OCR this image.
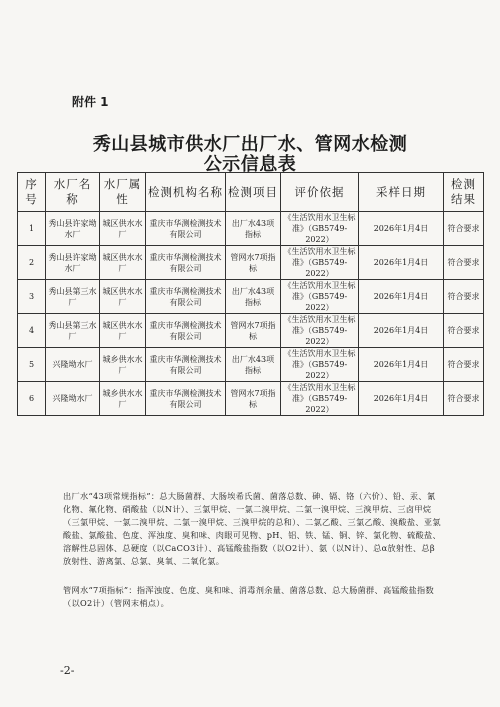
附件 1
秀山县城市供水厂出厂水、管网水检测
公示信息表
序号	水厂名称	水厂属性	检测机构名称	检测项目	评价依据	采样日期	检测结果
1	秀山县许家坳水厂	城区供水水厂	重庆市华测检测技术有限公司	出厂水43项指标	《生活饮用水卫生标准》（GB5749-2022）	2026年1月4日	符合要求
2	秀山县许家坳水厂	城区供水水厂	重庆市华测检测技术有限公司	管网水7项指标	《生活饮用水卫生标准》（GB5749-2022）	2026年1月4日	符合要求
3	秀山县第三水厂	城区供水水厂	重庆市华测检测技术有限公司	出厂水43项指标	《生活饮用水卫生标准》（GB5749-2022）	2026年1月4日	符合要求
4	秀山县第三水厂	城区供水水厂	重庆市华测检测技术有限公司	管网水7项指标	《生活饮用水卫生标准》（GB5749-2022）	2026年1月4日	符合要求
5	兴隆坳水厂	城乡供水水厂	重庆市华测检测技术有限公司	出厂水43项指标	《生活饮用水卫生标准》（GB5749-2022）	2026年1月4日	符合要求
6	兴隆坳水厂	城乡供水水厂	重庆市华测检测技术有限公司	管网水7项指标	《生活饮用水卫生标准》（GB5749-2022）	2026年1月4日	符合要求
出厂水“43项常规指标”：总大肠菌群、大肠埃希氏菌、菌落总数、砷、镉、铬（六价）、铅、汞、氰化物、氟化物、硝酸盐（以N计）、三氯甲烷、一氯二溴甲烷、二氯一溴甲烷、三溴甲烷、三卤甲烷（三氯甲烷、一氯二溴甲烷、二氯一溴甲烷、三溴甲烷的总和）、二氯乙酸、三氯乙酸、溴酸盐、亚氯酸盐、氯酸盐、色度、浑浊度、臭和味、肉眼可见物、pH、铝、铁、锰、铜、锌、氯化物、硫酸盐、溶解性总固体、总硬度（以CaCO3计）、高锰酸盐指数（以O2计）、氨（以N计）、总α放射性、总β放射性、游离氯、总氯、臭氧、二氧化氯。
管网水“7项指标”：指浑浊度、色度、臭和味、消毒剂余量、菌落总数、总大肠菌群、高锰酸盐指数（以O2计）（管网末梢点）。
-2-
